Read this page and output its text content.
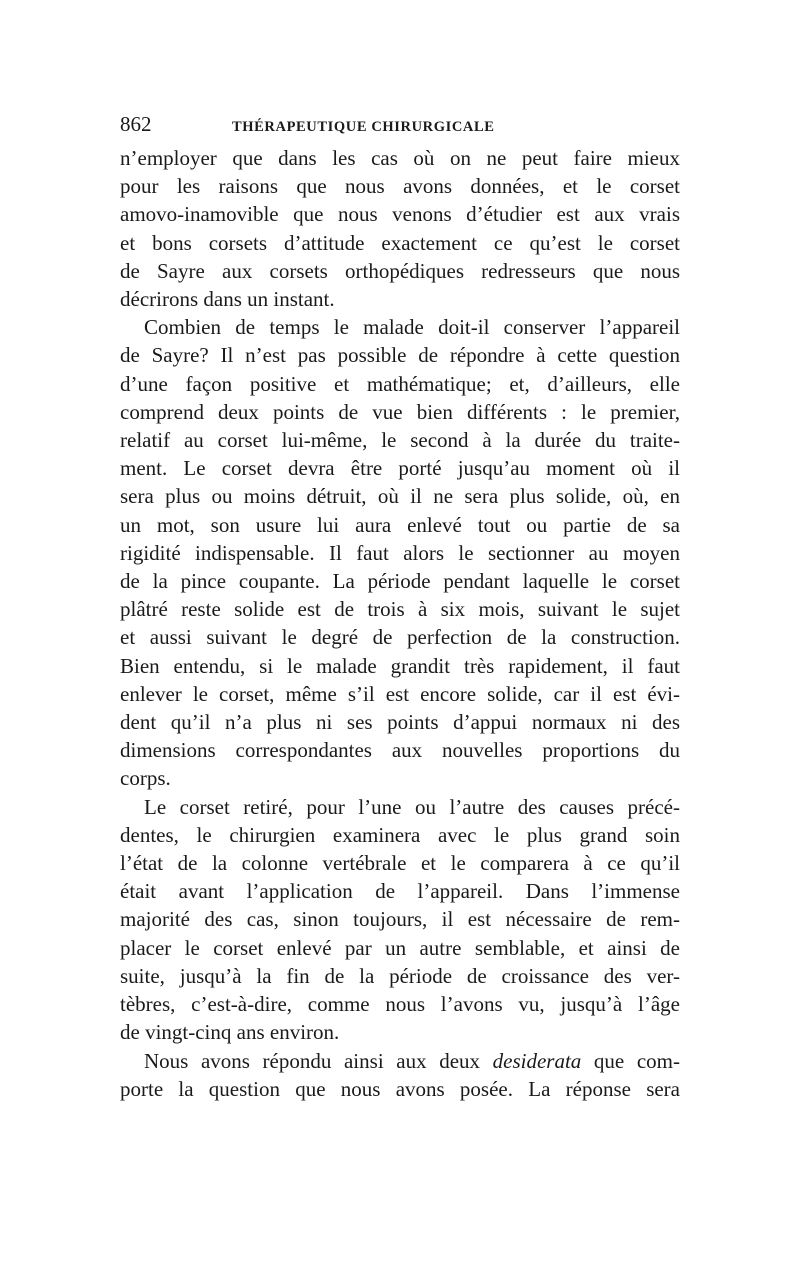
862	THÉRAPEUTIQUE CHIRURGICALE

n’employer que dans les cas où on ne peut faire mieux
pour les raisons que nous avons données, et le corset
amovo-inamovible que nous venons d’étudier est aux vrais
et bons corsets d’attitude exactement ce qu’est le corset
de Sayre aux corsets orthopédiques redresseurs que nous
décrirons dans un instant.

Combien de temps le malade doit-il conserver l’appareil
de Sayre? Il n’est pas possible de répondre à cette question
d’une façon positive et mathématique; et, d’ailleurs, elle
comprend deux points de vue bien différents : le premier,
relatif au corset lui-même, le second à la durée du traite-
ment. Le corset devra être porté jusqu’au moment où il
sera plus ou moins détruit, où il ne sera plus solide, où, en
un mot, son usure lui aura enlevé tout ou partie de sa
rigidité indispensable. Il faut alors le sectionner au moyen
de la pince coupante. La période pendant laquelle le corset
plâtré reste solide est de trois à six mois, suivant le sujet
et aussi suivant le degré de perfection de la construction.
Bien entendu, si le malade grandit très rapidement, il faut
enlever le corset, même s’il est encore solide, car il est évi-
dent qu’il n’a plus ni ses points d’appui normaux ni des
dimensions correspondantes aux nouvelles proportions du
corps.

Le corset retiré, pour l’une ou l’autre des causes précé-
dentes, le chirurgien examinera avec le plus grand soin
l’état de la colonne vertébrale et le comparera à ce qu’il
était avant l’application de l’appareil. Dans l’immense
majorité des cas, sinon toujours, il est nécessaire de rem-
placer le corset enlevé par un autre semblable, et ainsi de
suite, jusqu’à la fin de la période de croissance des ver-
tèbres, c’est-à-dire, comme nous l’avons vu, jusqu’à l’âge
de vingt-cinq ans environ.

Nous avons répondu ainsi aux deux desiderata que com-
porte la question que nous avons posée. La réponse sera
